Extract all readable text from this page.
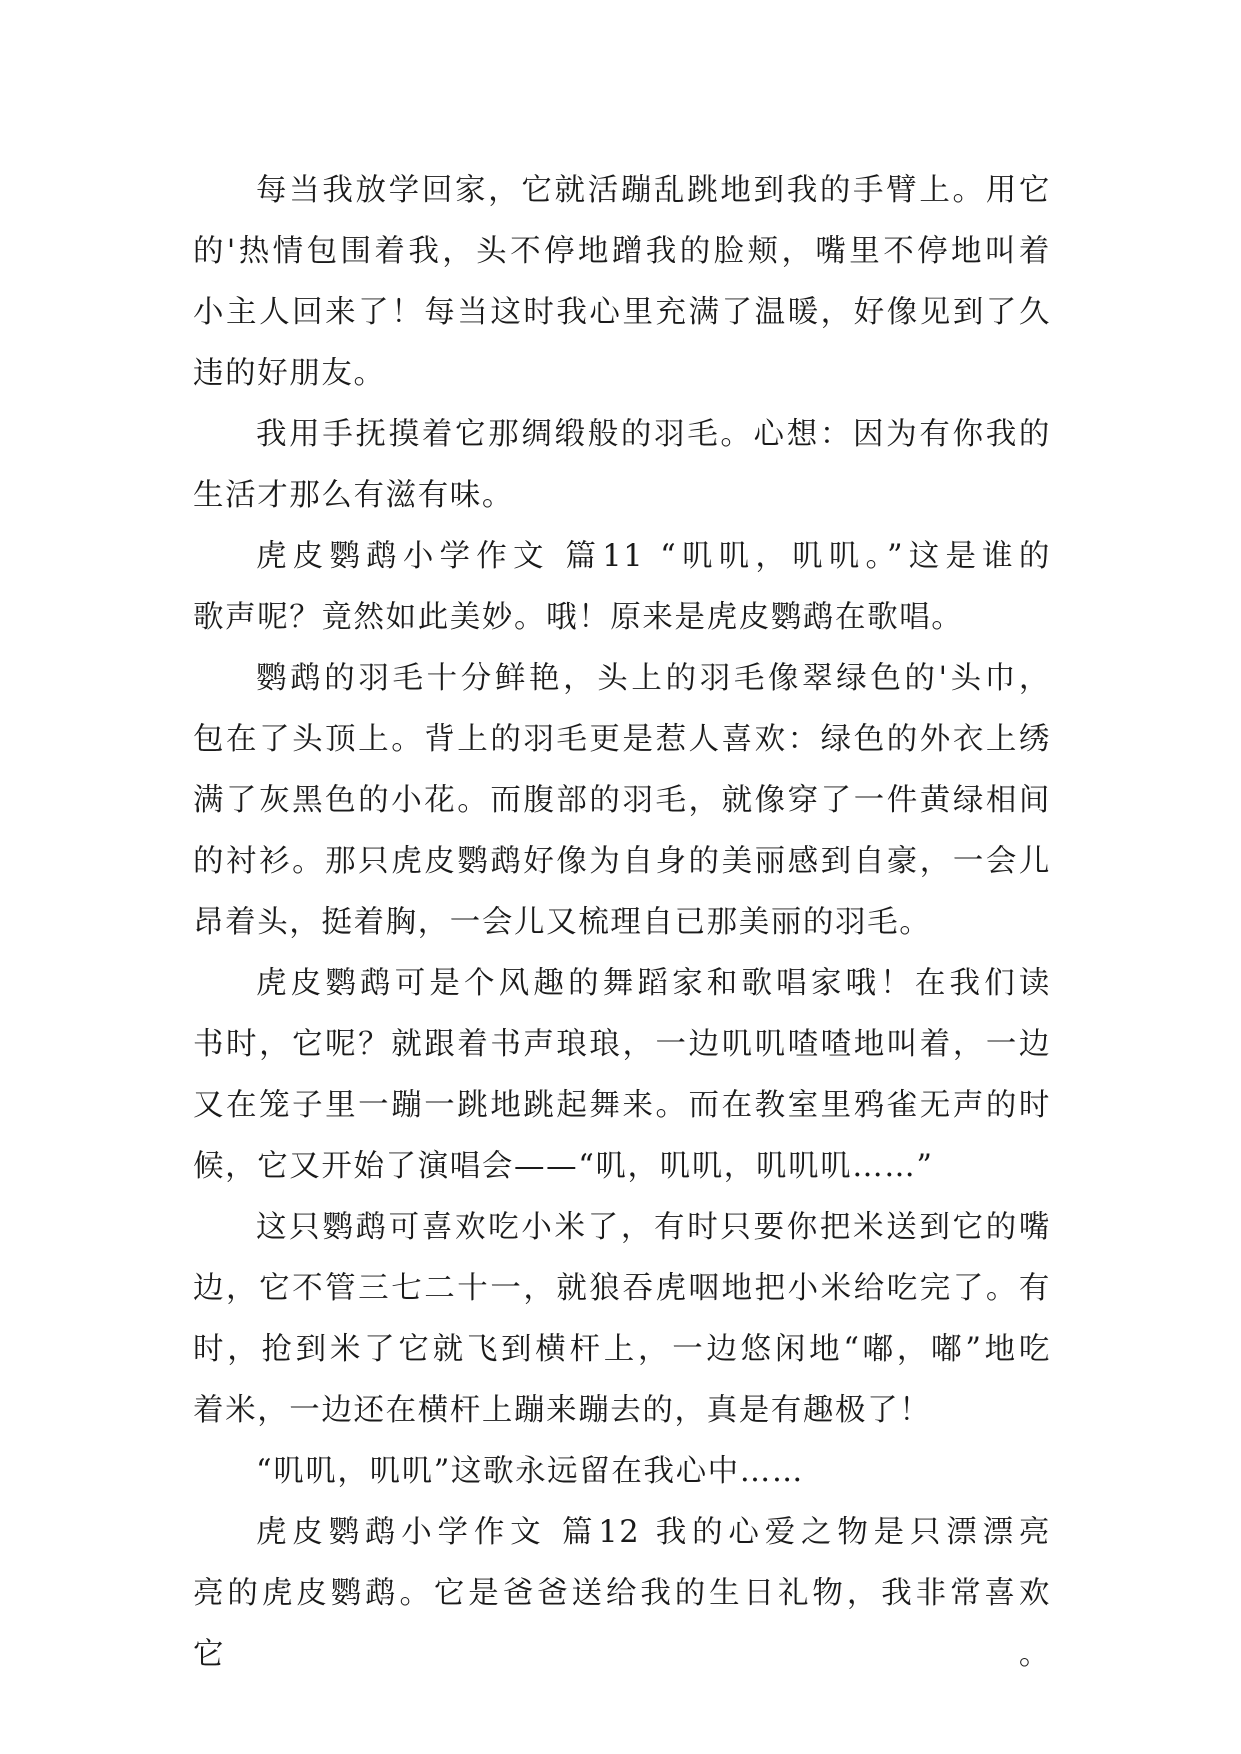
每当我放学回家，它就活蹦乱跳地到我的手臂上。用它
的'热情包围着我，头不停地蹭我的脸颊，嘴里不停地叫着
小主人回来了！每当这时我心里充满了温暖，好像见到了久
违的好朋友。
我用手抚摸着它那绸缎般的羽毛。心想：因为有你我的
生活才那么有滋有味。
虎皮鹦鹉小学作文 篇11 “叽叽，叽叽。”这是谁的
歌声呢？竟然如此美妙。哦！原来是虎皮鹦鹉在歌唱。
鹦鹉的羽毛十分鲜艳，头上的羽毛像翠绿色的'头巾，
包在了头顶上。背上的羽毛更是惹人喜欢：绿色的外衣上绣
满了灰黑色的小花。而腹部的羽毛，就像穿了一件黄绿相间
的衬衫。那只虎皮鹦鹉好像为自身的美丽感到自豪，一会儿
昂着头，挺着胸，一会儿又梳理自已那美丽的羽毛。
虎皮鹦鹉可是个风趣的舞蹈家和歌唱家哦！在我们读
书时，它呢？就跟着书声琅琅，一边叽叽喳喳地叫着，一边
又在笼子里一蹦一跳地跳起舞来。而在教室里鸦雀无声的时
候，它又开始了演唱会——“叽，叽叽，叽叽叽……”
这只鹦鹉可喜欢吃小米了，有时只要你把米送到它的嘴
边，它不管三七二十一，就狼吞虎咽地把小米给吃完了。有
时，抢到米了它就飞到横杆上，一边悠闲地“嘟，嘟”地吃
着米，一边还在横杆上蹦来蹦去的，真是有趣极了！
“叽叽，叽叽”这歌永远留在我心中……
虎皮鹦鹉小学作文 篇12 我的心爱之物是只漂漂亮
亮的虎皮鹦鹉。它是爸爸送给我的生日礼物，我非常喜欢它。
